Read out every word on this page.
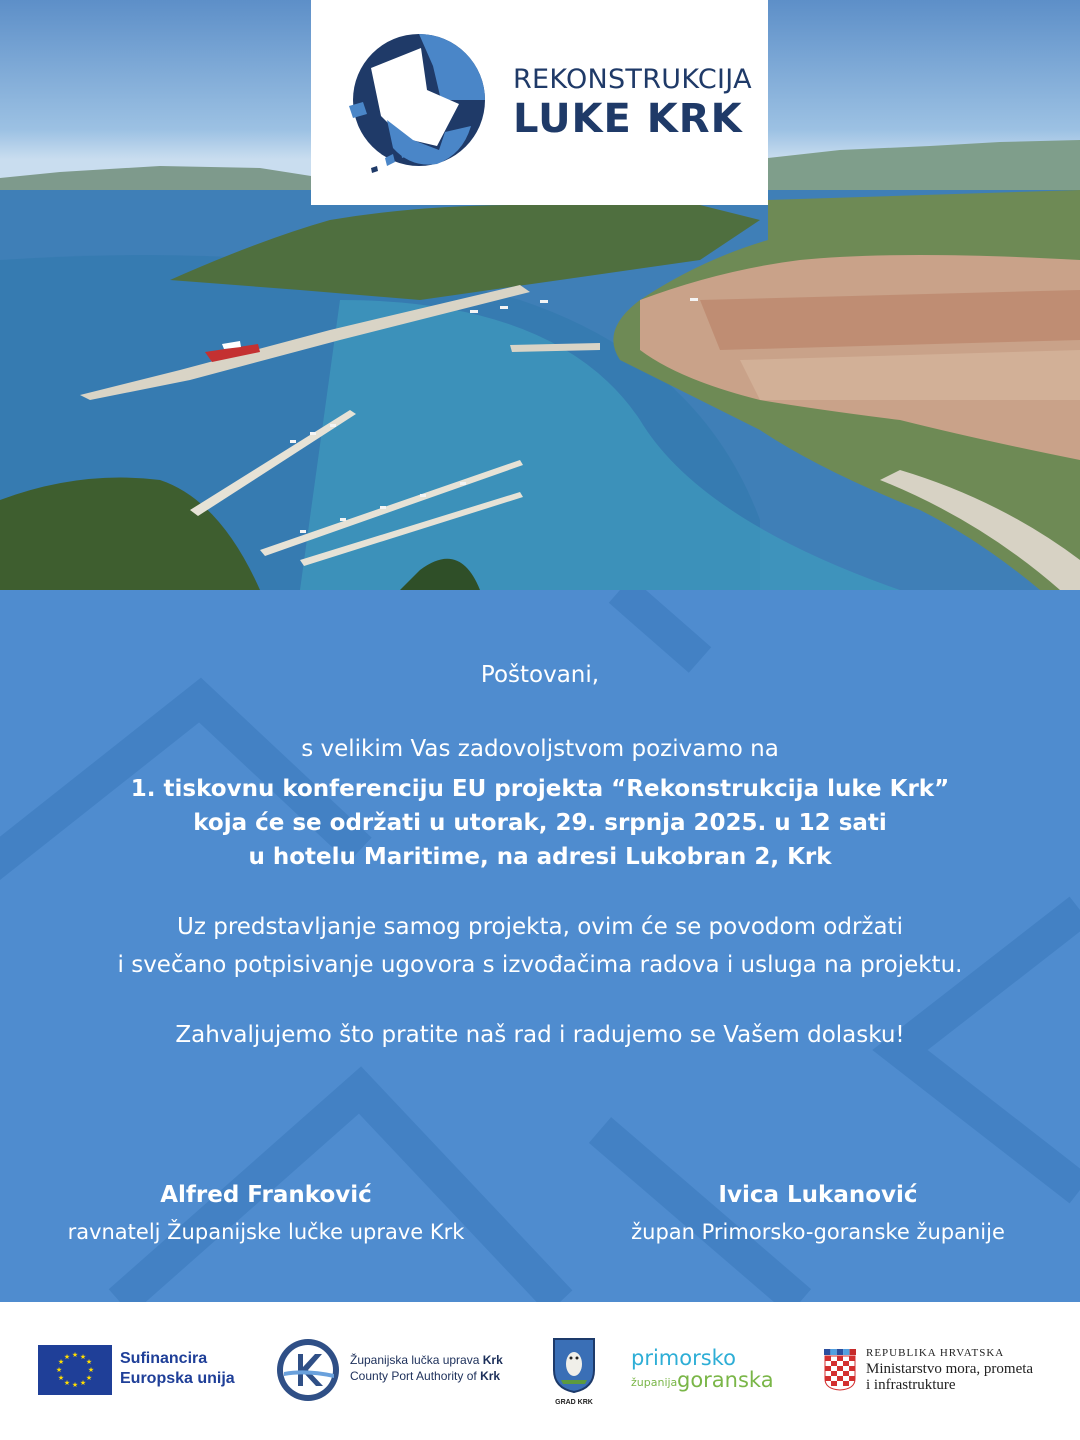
REKONSTRUKCIJA
LUKE KRK
Poštovani,
s velikim Vas zadovoljstvom pozivamo na
1. tiskovnu konferenciju EU projekta “Rekonstrukcija luke Krk”
koja će se održati u utorak, 29. srpnja 2025. u 12 sati
u hotelu Maritime, na adresi Lukobran 2, Krk
Uz predstavljanje samog projekta, ovim će se povodom održati
i svečano potpisivanje ugovora s izvođačima radova i usluga na projektu.
Zahvaljujemo što pratite naš rad i radujemo se Vašem dolasku!
Alfred Franković
ravnatelj Županijske lučke uprave Krk
Ivica Lukanović
župan Primorsko-goranske županije
★ ★
★
★
★
★
★
★
★
★
★
★	Sufinancira
Europska unija
Županijska lučka uprava Krk
County Port Authority of Krk
GRAD KRK
primorsko
županija goranska
REPUBLIKA HRVATSKA
Ministarstvo mora, prometa
i infrastrukture
